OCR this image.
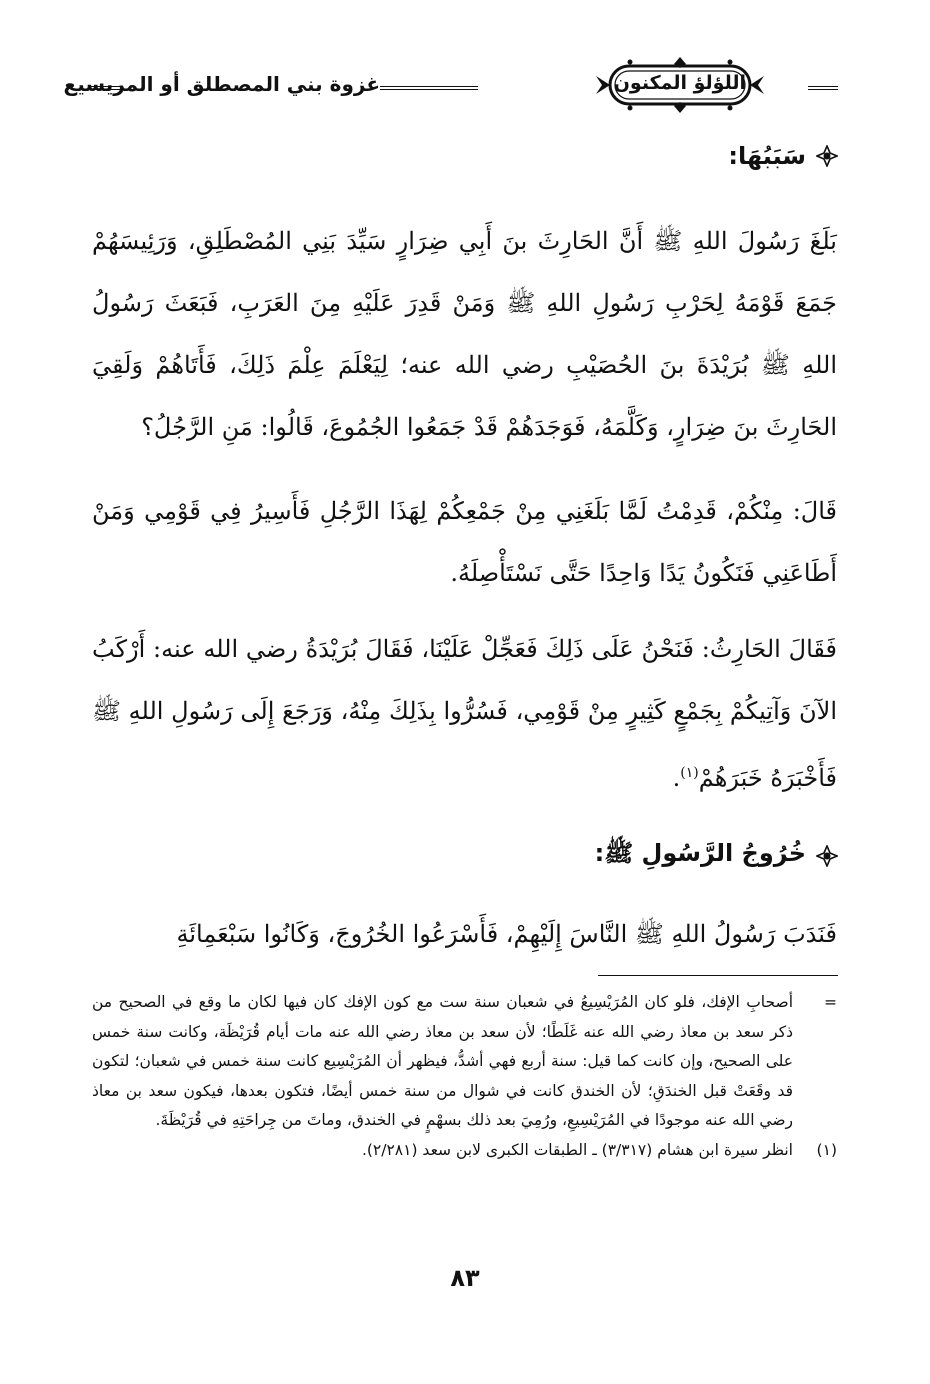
غزوة بني المصطلق أو المريسيع	اللؤلؤ المكنون
سَبَبُهَا:
بَلَغَ رَسُولَ اللهِ ﷺ أَنَّ الحَارِثَ بنَ أَبِي ضِرَارٍ سَيِّدَ بَنِي المُصْطَلِقِ، وَرَئِيسَهُمْ جَمَعَ قَوْمَهُ لِحَرْبِ رَسُولِ اللهِ ﷺ وَمَنْ قَدِرَ عَلَيْهِ مِنَ العَرَبِ، فَبَعَثَ رَسُولُ اللهِ ﷺ بُرَيْدَةَ بنَ الحُصَيْبِ رضي الله عنه؛ لِيَعْلَمَ عِلْمَ ذَلِكَ، فَأَتَاهُمْ وَلَقِيَ الحَارِثَ بنَ ضِرَارٍ، وَكَلَّمَهُ، فَوَجَدَهُمْ قَدْ جَمَعُوا الجُمُوعَ، قَالُوا: مَنِ الرَّجُلُ؟
قَالَ: مِنْكُمْ، قَدِمْتُ لَمَّا بَلَغَنِي مِنْ جَمْعِكُمْ لِهَذَا الرَّجُلِ فَأَسِيرُ فِي قَوْمِي وَمَنْ أَطَاعَنِي فَنَكُونُ يَدًا وَاحِدًا حَتَّى نَسْتَأْصِلَهُ.
فَقَالَ الحَارِثُ: فَنَحْنُ عَلَى ذَلِكَ فَعَجِّلْ عَلَيْنَا، فَقَالَ بُرَيْدَةُ رضي الله عنه: أَرْكَبُ الآنَ وَآتِيكُمْ بِجَمْعٍ كَثِيرٍ مِنْ قَوْمِي، فَسُرُّوا بِذَلِكَ مِنْهُ، وَرَجَعَ إِلَى رَسُولِ اللهِ ﷺ فَأَخْبَرَهُ خَبَرَهُمْ$^{(١)}$.
خُرُوجُ الرَّسُولِ ﷺ:
فَنَدَبَ رَسُولُ اللهِ ﷺ النَّاسَ إِلَيْهِمْ، فَأَسْرَعُوا الخُرُوجَ، وَكَانُوا سَبْعَمِائَةِ
=
أصحابِ الإفك، فلو كان المُرَيْسِيعُ في شعبان سنة ست مع كون الإفك كان فيها لكان ما وقع في الصحيح من ذكر سعد بن معاذ رضي الله عنه غَلَطًا؛ لأن سعد بن معاذ رضي الله عنه مات أيام قُرَيْظَة، وكانت سنة خمس على الصحيح، وإن كانت كما قيل: سنة أربع فهي أشدُّ، فيظهر أن المُرَيْسِيع كانت سنة خمس في شعبان؛ لتكون قد وقَعَتْ قبل الخندَقِ؛ لأن الخندق كانت في شوال من سنة خمس أيضًا، فتكون بعدها، فيكون سعد بن معاذ رضي الله عنه موجودًا في المُرَيْسِيعِ، ورُمِيَ بعد ذلك بسهْمٍ في الخندق، وماتَ من جِراحَتِهِ في قُرَيْظَةَ.
(١)
انظر سيرة ابن هشام (٣/٣١٧) ـ الطبقات الكبرى لابن سعد (٢/٢٨١).
٨٣
